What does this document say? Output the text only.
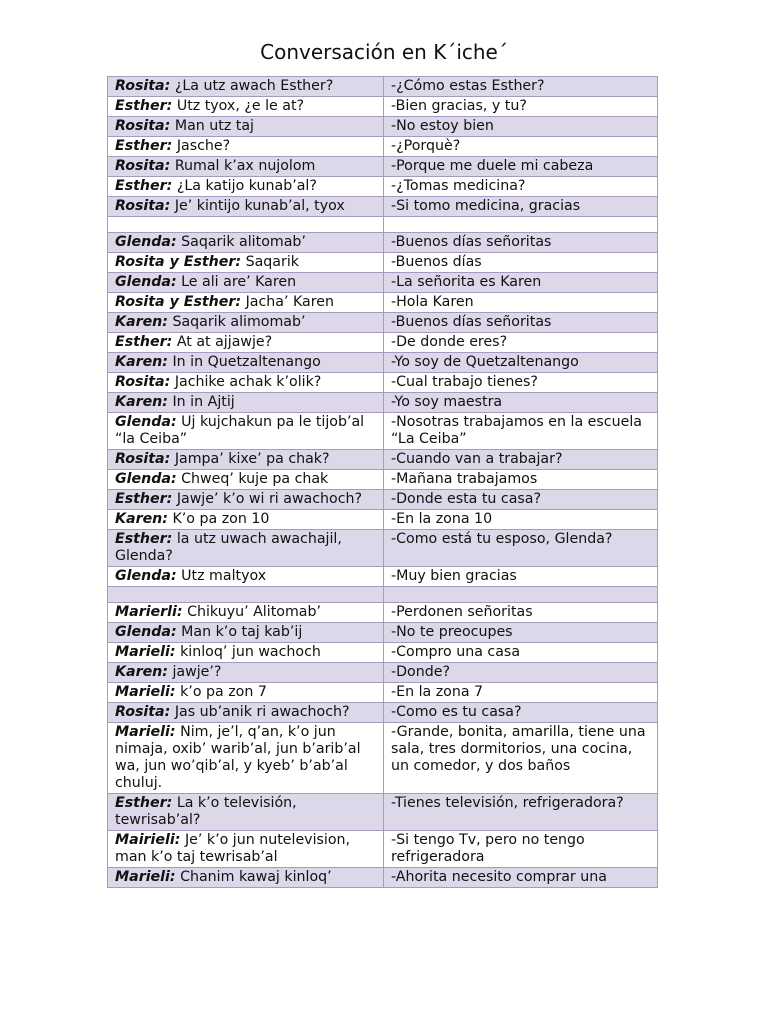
Conversación en K´iche´
Rosita: ¿La utz awach Esther?	-¿Cómo estas Esther?
Esther: Utz tyox, ¿e le at?	-Bien gracias, y tu?
Rosita: Man utz taj	-No estoy bien
Esther: Jasche?	-¿Porquè?
Rosita: Rumal k’ax nujolom	-Porque me duele mi cabeza
Esther: ¿La katijo kunab’al?	-¿Tomas medicina?
Rosita: Je’ kintijo kunab’al, tyox	-Si tomo medicina, gracias

Glenda: Saqarik alitomab’	-Buenos días señoritas
Rosita y Esther: Saqarik	-Buenos días
Glenda: Le ali are’ Karen	-La señorita es Karen
Rosita y Esther: Jacha’ Karen	-Hola Karen
Karen: Saqarik alimomab’	-Buenos días señoritas
Esther: At at ajjawje?	-De donde eres?
Karen: In in Quetzaltenango	-Yo soy de Quetzaltenango
Rosita: Jachike achak k’olik?	-Cual trabajo tienes?
Karen: In in Ajtij	-Yo soy maestra
Glenda: Uj kujchakun pa le tijob’al “la Ceiba”	-Nosotras trabajamos en la escuela “La Ceiba”
Rosita: Jampa’ kixe’ pa chak?	-Cuando van a trabajar?
Glenda: Chweq’ kuje pa chak	-Mañana trabajamos
Esther: Jawje’ k’o wi ri awachoch?	-Donde esta tu casa?
Karen: K’o pa zon 10	-En la zona 10
Esther: la utz uwach awachajil, Glenda?	-Como está tu esposo, Glenda?
Glenda: Utz maltyox	-Muy bien gracias

Marierli: Chikuyu’ Alitomab’	-Perdonen señoritas
Glenda: Man k’o taj kab’ij	-No te preocupes
Marieli: kinloq’ jun wachoch	-Compro una casa
Karen: jawje’?	-Donde?
Marieli: k’o pa zon 7	-En la zona 7
Rosita: Jas ub’anik ri awachoch?	-Como es tu casa?
Marieli: Nim, je’l, q’an, k’o jun nimaja, oxib’ warib’al, jun b’arib’al wa, jun wo’qib’al, y kyeb’ b’ab’al chuluj.	-Grande, bonita, amarilla, tiene una sala, tres dormitorios, una cocina, un comedor, y dos baños
Esther: La k’o televisión, tewrisab’al?	-Tienes televisión, refrigeradora?
Mairieli: Je’ k’o jun nutelevision, man k’o taj tewrisab’al	-Si tengo Tv, pero no tengo refrigeradora
Marieli: Chanim kawaj kinloq’	-Ahorita necesito comprar una
